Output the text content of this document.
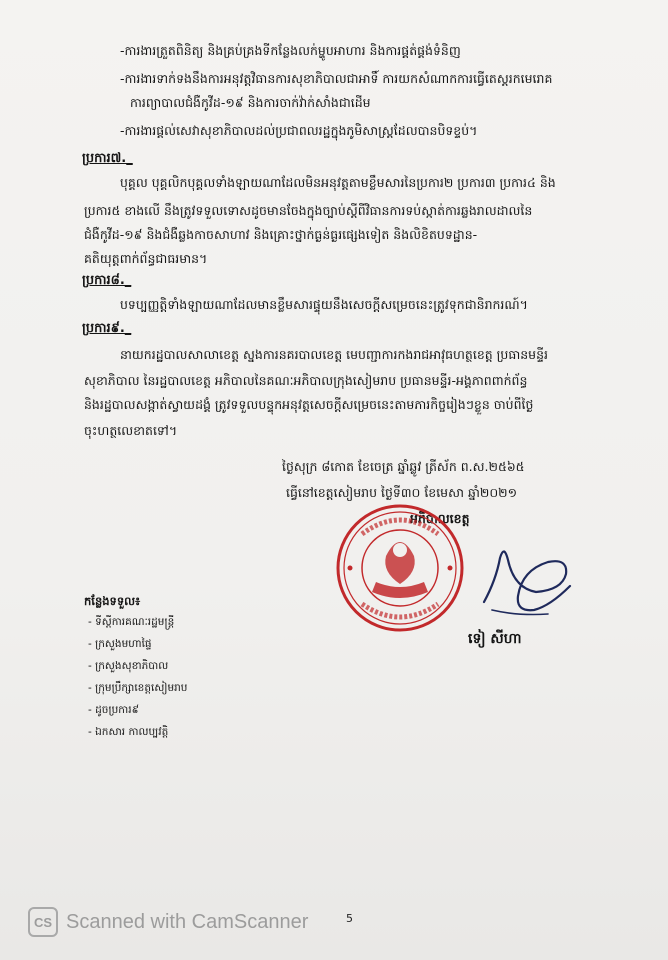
-ការងារត្រួតពិនិត្យ និងគ្រប់គ្រងទីកន្លែងលក់ម្ហូបអាហារ និងការផ្គត់ផ្គង់ទំនិញ
-ការងារទាក់ទងនឹងការអនុវត្តវិធានការសុខាភិបាលជាអាទិ៍ ការយកសំណាកការធ្វើតេស្តរកមេរោគ
ការព្យាបាលជំងឺកូវីដ-១៩ និងការចាក់វ៉ាក់សាំងជាដើម
-ការងារផ្តល់សេវាសុខាភិបាលដល់ប្រជាពលរដ្ឋក្នុងភូមិសាស្ត្រដែលបានបិទខ្ទប់។
ប្រការ៧._
បុគ្គល បុគ្គលិកបុគ្គលទាំងឡាយណាដែលមិនអនុវត្តតាមខ្លឹមសារនៃប្រការ២ ប្រការ៣ ប្រការ៤ និង
ប្រការ៥ ខាងលើ នឹងត្រូវទទួលទោសដូចមានចែងក្នុងច្បាប់ស្តីពីវិធានការទប់ស្កាត់ការឆ្លងរាលដាលនៃ
ជំងឺកូវីដ-១៩ និងជំងឺឆ្លងកាចសាហាវ និងគ្រោះថ្នាក់ធ្ងន់ធ្ងរផ្សេងទៀត និងលិខិតបទដ្ឋាន-
គតិយុត្តពាក់ព័ន្ធជាធរមាន។
ប្រការ៨._
បទប្បញ្ញត្តិទាំងឡាយណាដែលមានខ្លឹមសារផ្ទុយនឹងសេចក្តីសម្រេចនេះត្រូវទុកជានិរាករណ៍។
ប្រការ៩._
នាយករដ្ឋបាលសាលាខេត្ត ស្នងការនគរបាលខេត្ត មេបញ្ជាការកងរាជអាវុធហត្ថខេត្ត ប្រធានមន្ទីរ
សុខាភិបាល នៃរដ្ឋបាលខេត្ត អភិបាលនៃគណៈអភិបាលក្រុងសៀមរាប ប្រធានមន្ទីរ-អង្គភាពពាក់ព័ន្ធ
និងរដ្ឋបាលសង្កាត់ស្វាយដង្គំ ត្រូវទទួលបន្ទុកអនុវត្តសេចក្តីសម្រេចនេះតាមភារកិច្ចរៀងៗខ្លួន ចាប់ពីថ្ងៃ
ចុះហត្ថលេខាតទៅ។
ថ្ងៃសុក្រ ៨កោត ខែចេត្រ ឆ្នាំឆ្លូវ ត្រីស័ក ព.ស.២៥៦៥
ធ្វើនៅខេត្តសៀមរាប ថ្ងៃទី៣០ ខែមេសា ឆ្នាំ២០២១
អភិបាលខេត្ត
ទៀ សីហា
កន្លែងទទួល៖
- ទីស្តីការគណៈរដ្ឋមន្ត្រី
- ក្រសួងមហាផ្ទៃ
- ក្រសួងសុខាភិបាល
- ក្រុមប្រឹក្សាខេត្តសៀមរាប
- ដូចប្រការ៩
- ឯកសារ កាលប្បវត្តិ
CS Scanned with CamScanner	5
